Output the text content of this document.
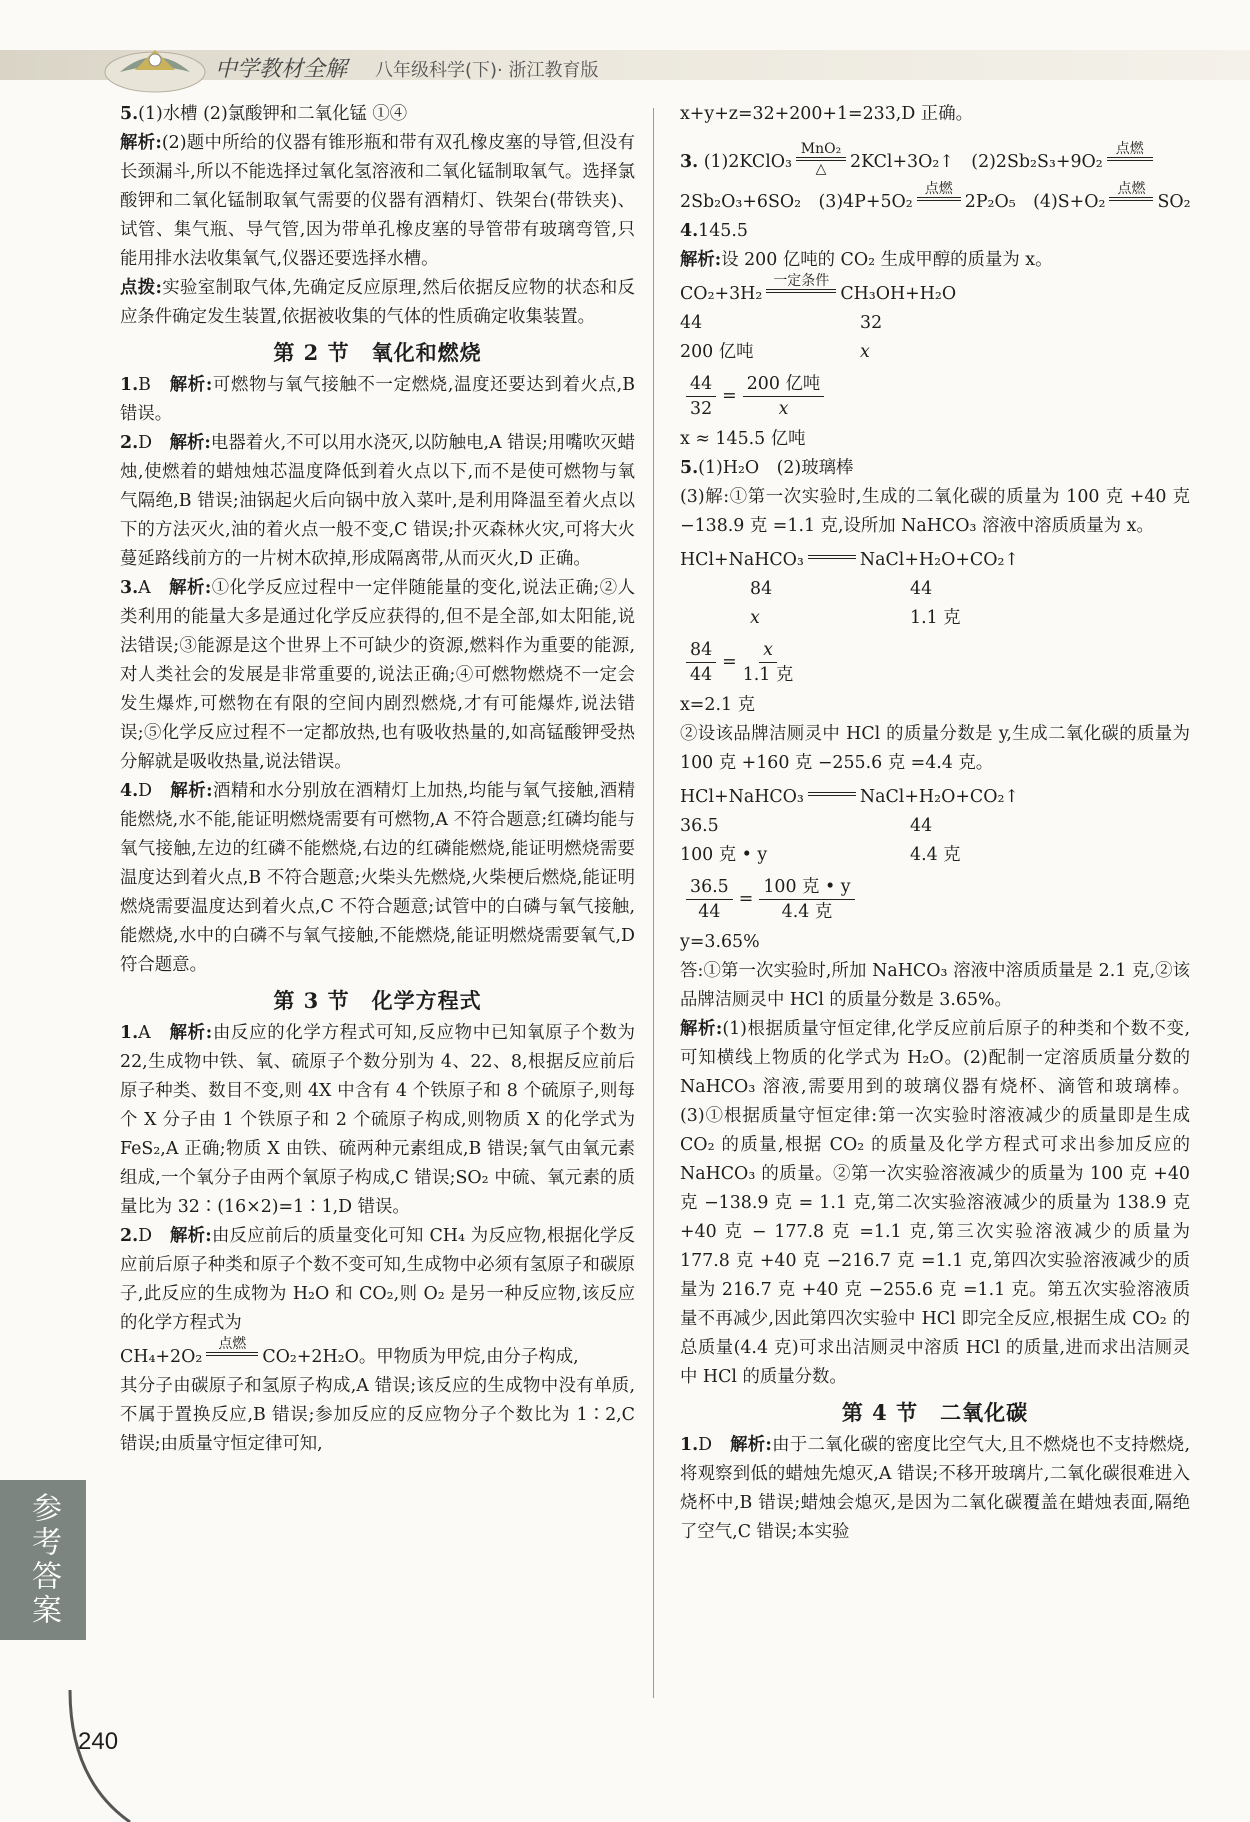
中学教材全解 八年级科学(下)· 浙江教育版

5.(1)水槽 (2)氯酸钾和二氧化锰 ①④

解析:(2)题中所给的仪器有锥形瓶和带有双孔橡皮塞的导管,但没有长颈漏斗,所以不能选择过氧化氢溶液和二氧化锰制取氧气。选择氯酸钾和二氧化锰制取氧气需要的仪器有酒精灯、铁架台(带铁夹)、试管、集气瓶、导气管,因为带单孔橡皮塞的导管带有玻璃弯管,只能用排水法收集氧气,仪器还要选择水槽。

点拨:实验室制取气体,先确定反应原理,然后依据反应物的状态和反应条件确定发生装置,依据被收集的气体的性质确定收集装置。

第 2 节　氧化和燃烧

1.B　 解析:可燃物与氧气接触不一定燃烧,温度还要达到着火点,B 错误。

2.D　 解析:电器着火,不可以用水浇灭,以防触电,A 错误;用嘴吹灭蜡烛,使燃着的蜡烛烛芯温度降低到着火点以下,而不是使可燃物与氧气隔绝,B 错误;油锅起火后向锅中放入菜叶,是利用降温至着火点以下的方法灭火,油的着火点一般不变,C 错误;扑灭森林火灾,可将大火蔓延路线前方的一片树木砍掉,形成隔离带,从而灭火,D 正确。

3.A　 解析:①化学反应过程中一定伴随能量的变化,说法正确;②人类利用的能量大多是通过化学反应获得的,但不是全部,如太阳能,说法错误;③能源是这个世界上不可缺少的资源,燃料作为重要的能源,对人类社会的发展是非常重要的,说法正确;④可燃物燃烧不一定会发生爆炸,可燃物在有限的空间内剧烈燃烧,才有可能爆炸,说法错误;⑤化学反应过程不一定都放热,也有吸收热量的,如高锰酸钾受热分解就是吸收热量,说法错误。

4.D　 解析:酒精和水分别放在酒精灯上加热,均能与氧气接触,酒精能燃烧,水不能,能证明燃烧需要有可燃物,A 不符合题意;红磷均能与氧气接触,左边的红磷不能燃烧,右边的红磷能燃烧,能证明燃烧需要温度达到着火点,B 不符合题意;火柴头先燃烧,火柴梗后燃烧,能证明燃烧需要温度达到着火点,C 不符合题意;试管中的白磷与氧气接触,能燃烧,水中的白磷不与氧气接触,不能燃烧,能证明燃烧需要氧气,D 符合题意。

第 3 节　化学方程式

1.A　 解析:由反应的化学方程式可知,反应物中已知氧原子个数为 22,生成物中铁、氧、硫原子个数分别为 4、22、8,根据反应前后原子种类、数目不变,则 4X 中含有 4 个铁原子和 8 个硫原子,则每个 X 分子由 1 个铁原子和 2 个硫原子构成,则物质 X 的化学式为 FeS₂,A 正确;物质 X 由铁、硫两种元素组成,B 错误;氧气由氧元素组成,一个氧分子由两个氧原子构成,C 错误;SO₂ 中硫、氧元素的质量比为 32∶(16×2)=1∶1,D 错误。

2.D　 解析:由反应前后的质量变化可知 CH₄ 为反应物,根据化学反应前后原子种类和原子个数不变可知,生成物中必须有氢原子和碳原子,此反应的生成物为 H₂O 和 CO₂,则 O₂ 是另一种反应物,该反应的化学方程式为

CH₄+2O₂
点燃
CO₂+2H₂O。甲物质为甲烷,由分子构成,

其分子由碳原子和氢原子构成,A 错误;该反应的生成物中没有单质,不属于置换反应,B 错误;参加反应的反应物分子个数比为 1∶2,C 错误;由质量守恒定律可知,

x+y+z=32+200+1=233,D 正确。

3.
(1)2KClO₃
MnO₂
△ 2KCl+3O₂↑　(2)2Sb₂S₃+9O₂
点燃
2Sb₂O₃+6SO₂　(3)4P+5O₂
点燃
2P₂O₅　(4)S+O₂
点燃
SO₂

4.145.5

解析:设 200 亿吨的 CO₂ 生成甲醇的质量为 x。

CO₂+3H₂
一定条件
CH₃OH+H₂O
44	32
200 亿吨	x
$\frac{44}{32} = \frac{\text{200 亿吨}}{x}$

x ≈ 145.5 亿吨

5.(1)H₂O　(2)玻璃棒

(3)解:①第一次实验时,生成的二氧化碳的质量为 100 克 +40 克 −138.9 克 =1.1 克,设所加 NaHCO₃ 溶液中溶质质量为 x。

HCl+NaHCO₃	NaCl+H₂O+CO₂↑
84	44
x	1.1 克
$\frac{84}{44} = \frac{x}{\text{1.1 克}}$

x=2.1 克

②设该品牌洁厕灵中 HCl 的质量分数是 y,生成二氧化碳的质量为 100 克 +160 克 −255.6 克 =4.4 克。

HCl+NaHCO₃	NaCl+H₂O+CO₂↑
36.5	44
100 克 • y	4.4 克
$\frac{36.5}{44} = \frac{\text{100 克 • y}}{\text{4.4 克}}$

y=3.65%

答:①第一次实验时,所加 NaHCO₃ 溶液中溶质质量是 2.1 克,②该品牌洁厕灵中 HCl 的质量分数是 3.65%。

解析:(1)根据质量守恒定律,化学反应前后原子的种类和个数不变,可知横线上物质的化学式为 H₂O。(2)配制一定溶质质量分数的 NaHCO₃ 溶液,需要用到的玻璃仪器有烧杯、滴管和玻璃棒。(3)①根据质量守恒定律:第一次实验时溶液减少的质量即是生成 CO₂ 的质量,根据 CO₂ 的质量及化学方程式可求出参加反应的 NaHCO₃ 的质量。②第一次实验溶液减少的质量为 100 克 +40 克 −138.9 克 = 1.1 克,第二次实验溶液减少的质量为 138.9 克 +40 克 − 177.8 克 =1.1 克,第三次实验溶液减少的质量为 177.8 克 +40 克 −216.7 克 =1.1 克,第四次实验溶液减少的质量为 216.7 克 +40 克 −255.6 克 =1.1 克。第五次实验溶液质量不再减少,因此第四次实验中 HCl 即完全反应,根据生成 CO₂ 的总质量(4.4 克)可求出洁厕灵中溶质 HCl 的质量,进而求出洁厕灵中 HCl 的质量分数。

第 4 节　二氧化碳

1.D　 解析:由于二氧化碳的密度比空气大,且不燃烧也不支持燃烧,将观察到低的蜡烛先熄灭,A 错误;不移开玻璃片,二氧化碳很难进入烧杯中,B 错误;蜡烛会熄灭,是因为二氧化碳覆盖在蜡烛表面,隔绝了空气,C 错误;本实验

参考答案
240
